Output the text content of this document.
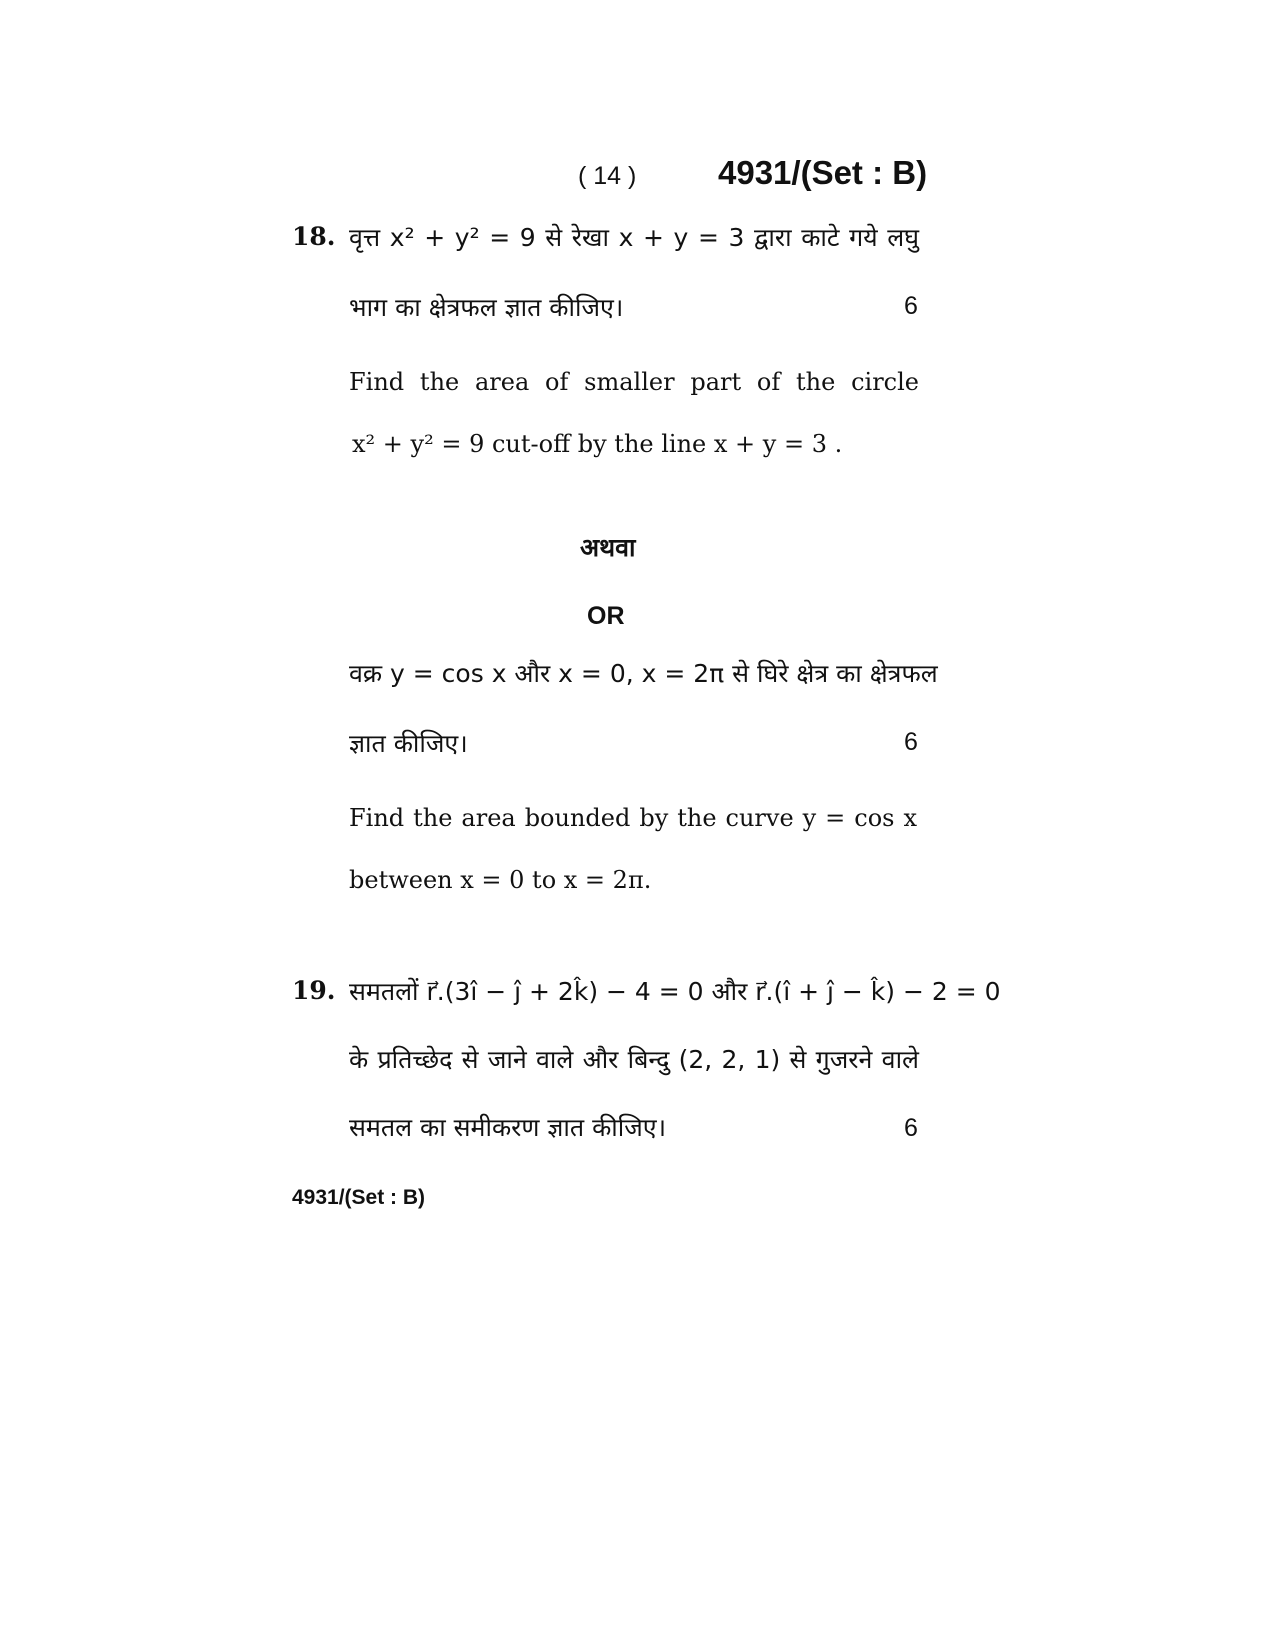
( 14 ) 4931/(Set : B)
18. वृत्त x² + y² = 9 से रेखा x + y = 3 द्वारा काटे गये लघु
भाग का क्षेत्रफल ज्ञात कीजिए।	6
Find the area of smaller part of the circle
x² + y² = 9 cut-off by the line x + y = 3 .
अथवा
OR
वक्र y = cos x और x = 0, x = 2π से घिरे क्षेत्र का क्षेत्रफल
ज्ञात कीजिए।	6
Find the area bounded by the curve y = cos x
between x = 0 to x = 2π.
19. समतलों r⃗.(3î − ĵ + 2k̂) − 4 = 0 और r⃗.(î + ĵ − k̂) − 2 = 0
के प्रतिच्छेद से जाने वाले और बिन्दु (2, 2, 1) से गुजरने वाले
समतल का समीकरण ज्ञात कीजिए।	6
4931/(Set : B)
